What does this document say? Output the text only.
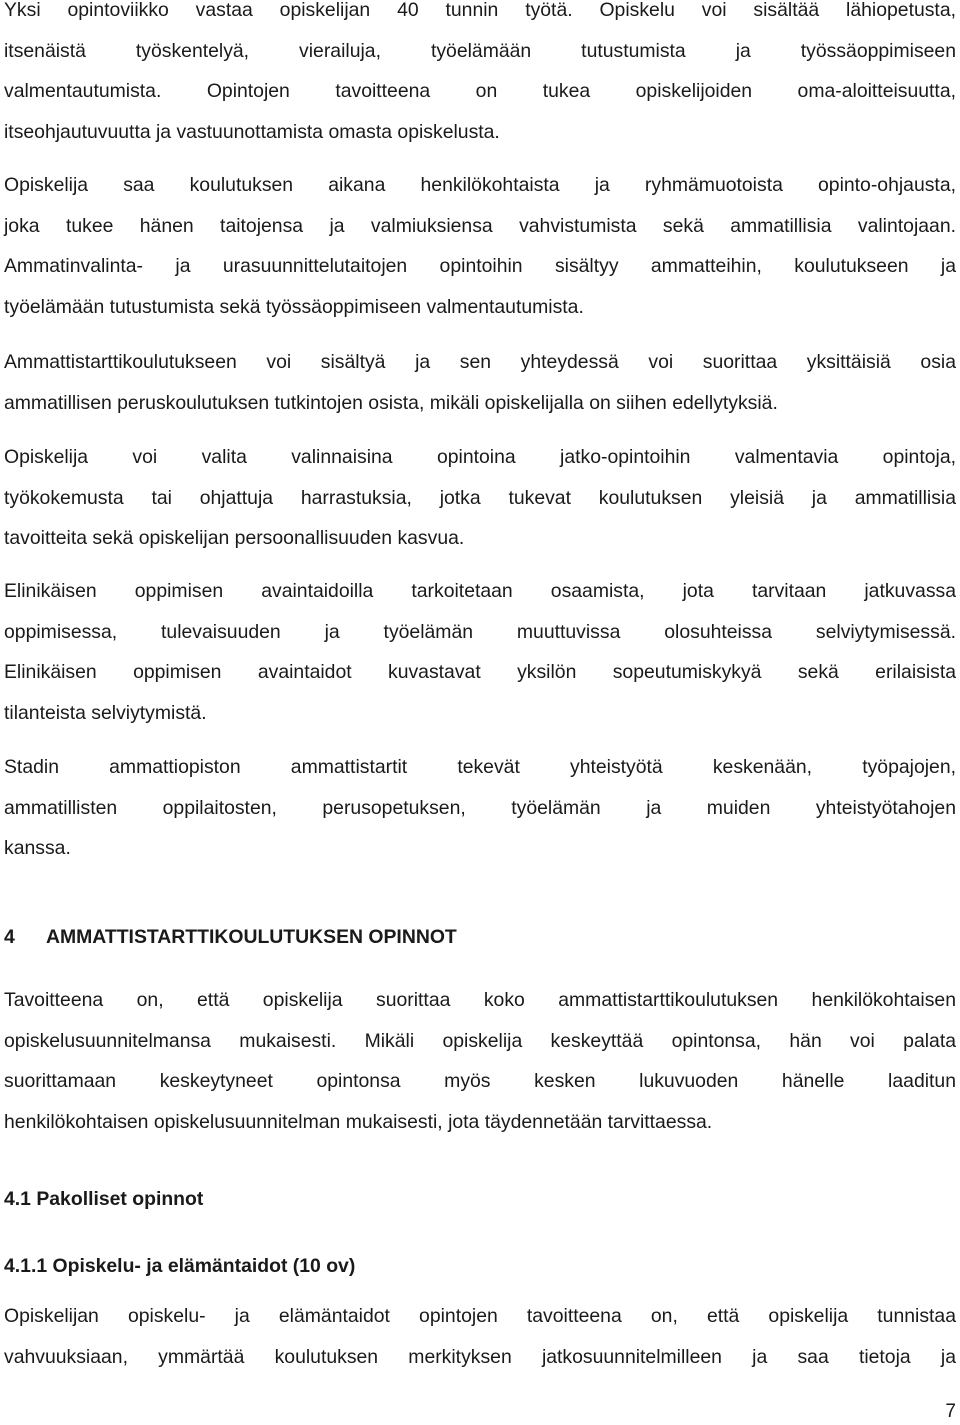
Yksi opintoviikko vastaa opiskelijan 40 tunnin työtä. Opiskelu voi sisältää lähiopetusta,
itsenäistä työskentelyä, vierailuja, työelämään tutustumista ja työssäoppimiseen
valmentautumista. Opintojen tavoitteena on tukea opiskelijoiden oma-aloitteisuutta,
itseohjautuvuutta ja vastuunottamista omasta opiskelusta.

Opiskelija saa koulutuksen aikana henkilökohtaista ja ryhmämuotoista opinto-ohjausta,
joka tukee hänen taitojensa ja valmiuksiensa vahvistumista sekä ammatillisia valintojaan.
Ammatinvalinta- ja urasuunnittelutaitojen opintoihin sisältyy ammatteihin, koulutukseen ja
työelämään tutustumista sekä työssäoppimiseen valmentautumista.

Ammattistarttikoulutukseen voi sisältyä ja sen yhteydessä voi suorittaa yksittäisiä osia
ammatillisen peruskoulutuksen tutkintojen osista, mikäli opiskelijalla on siihen edellytyksiä.

Opiskelija voi valita valinnaisina opintoina jatko-opintoihin valmentavia opintoja,
työkokemusta tai ohjattuja harrastuksia, jotka tukevat koulutuksen yleisiä ja ammatillisia
tavoitteita sekä opiskelijan persoonallisuuden kasvua.

Elinikäisen oppimisen avaintaidoilla tarkoitetaan osaamista, jota tarvitaan jatkuvassa
oppimisessa, tulevaisuuden ja työelämän muuttuvissa olosuhteissa selviytymisessä.
Elinikäisen oppimisen avaintaidot kuvastavat yksilön sopeutumiskykyä sekä erilaisista
tilanteista selviytymistä.

Stadin ammattiopiston ammattistartit tekevät yhteistyötä keskenään, työpajojen,
ammatillisten oppilaitosten, perusopetuksen, työelämän ja muiden yhteistyötahojen
kanssa.

4 AMMATTISTARTTIKOULUTUKSEN OPINNOT

Tavoitteena on, että opiskelija suorittaa koko ammattistarttikoulutuksen henkilökohtaisen
opiskelusuunnitelmansa mukaisesti. Mikäli opiskelija keskeyttää opintonsa, hän voi palata
suorittamaan keskeytyneet opintonsa myös kesken lukuvuoden hänelle laaditun
henkilökohtaisen opiskelusuunnitelman mukaisesti, jota täydennetään tarvittaessa.

4.1 Pakolliset opinnot
4.1.1 Opiskelu- ja elämäntaidot (10 ov)

Opiskelijan opiskelu- ja elämäntaidot opintojen tavoitteena on, että opiskelija tunnistaa
vahvuuksiaan, ymmärtää koulutuksen merkityksen jatkosuunnitelmilleen ja saa tietoja ja

7
